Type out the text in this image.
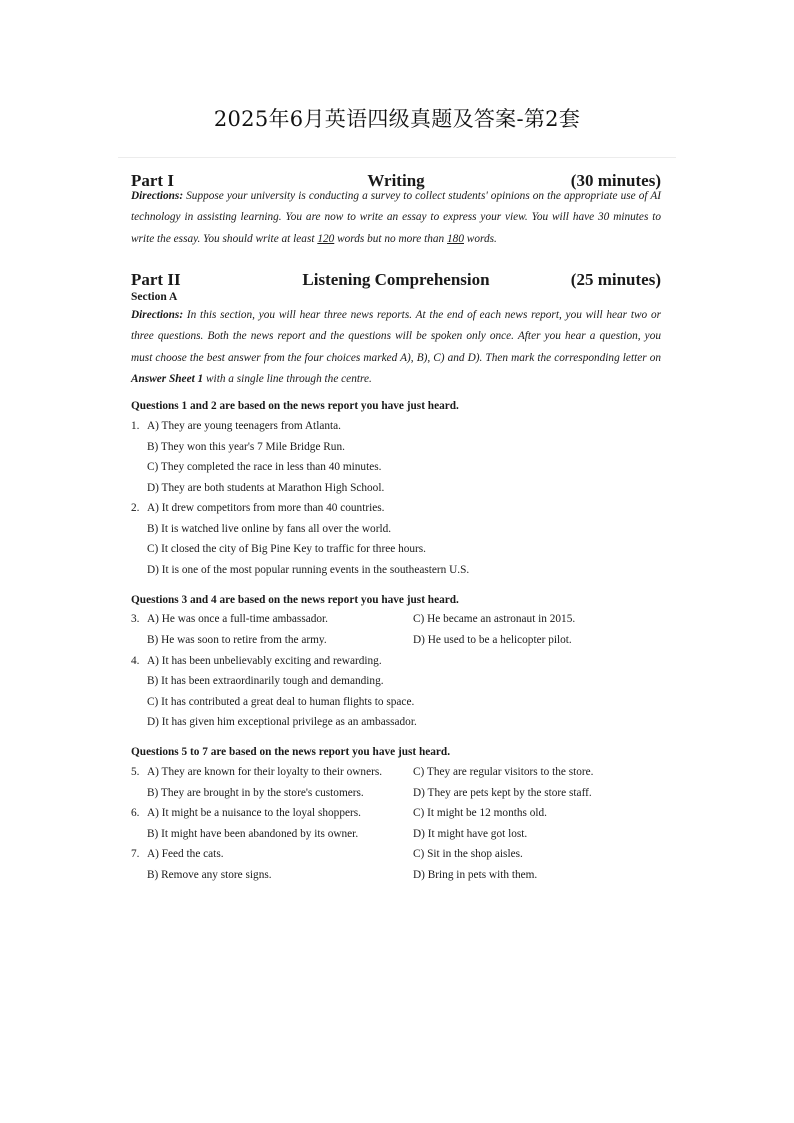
2025年6月英语四级真题及答案-第2套
Part I	Writing	(30 minutes)
Directions: Suppose your university is conducting a survey to collect students' opinions on the appropriate use of AI technology in assisting learning. You are now to write an essay to express your view. You will have 30 minutes to write the essay. You should write at least 120 words but no more than 180 words.
Part II	Listening Comprehension	(25 minutes)
Section A
Directions: In this section, you will hear three news reports. At the end of each news report, you will hear two or three questions. Both the news report and the questions will be spoken only once. After you hear a question, you must choose the best answer from the four choices marked A), B), C) and D). Then mark the corresponding letter on Answer Sheet 1 with a single line through the centre.
Questions 1 and 2 are based on the news report you have just heard.
1. A) They are young teenagers from Atlanta.
B) They won this year's 7 Mile Bridge Run.
C) They completed the race in less than 40 minutes.
D) They are both students at Marathon High School.
2. A) It drew competitors from more than 40 countries.
B) It is watched live online by fans all over the world.
C) It closed the city of Big Pine Key to traffic for three hours.
D) It is one of the most popular running events in the southeastern U.S.
Questions 3 and 4 are based on the news report you have just heard.
3. A) He was once a full-time ambassador.	C) He became an astronaut in 2015.
B) He was soon to retire from the army.	D) He used to be a helicopter pilot.
4. A) It has been unbelievably exciting and rewarding.
B) It has been extraordinarily tough and demanding.
C) It has contributed a great deal to human flights to space.
D) It has given him exceptional privilege as an ambassador.
Questions 5 to 7 are based on the news report you have just heard.
5. A) They are known for their loyalty to their owners.	C) They are regular visitors to the store.
B) They are brought in by the store's customers.	D) They are pets kept by the store staff.
6. A) It might be a nuisance to the loyal shoppers.	C) It might be 12 months old.
B) It might have been abandoned by its owner.	D) It might have got lost.
7. A) Feed the cats.	C) Sit in the shop aisles.
B) Remove any store signs.	D) Bring in pets with them.
